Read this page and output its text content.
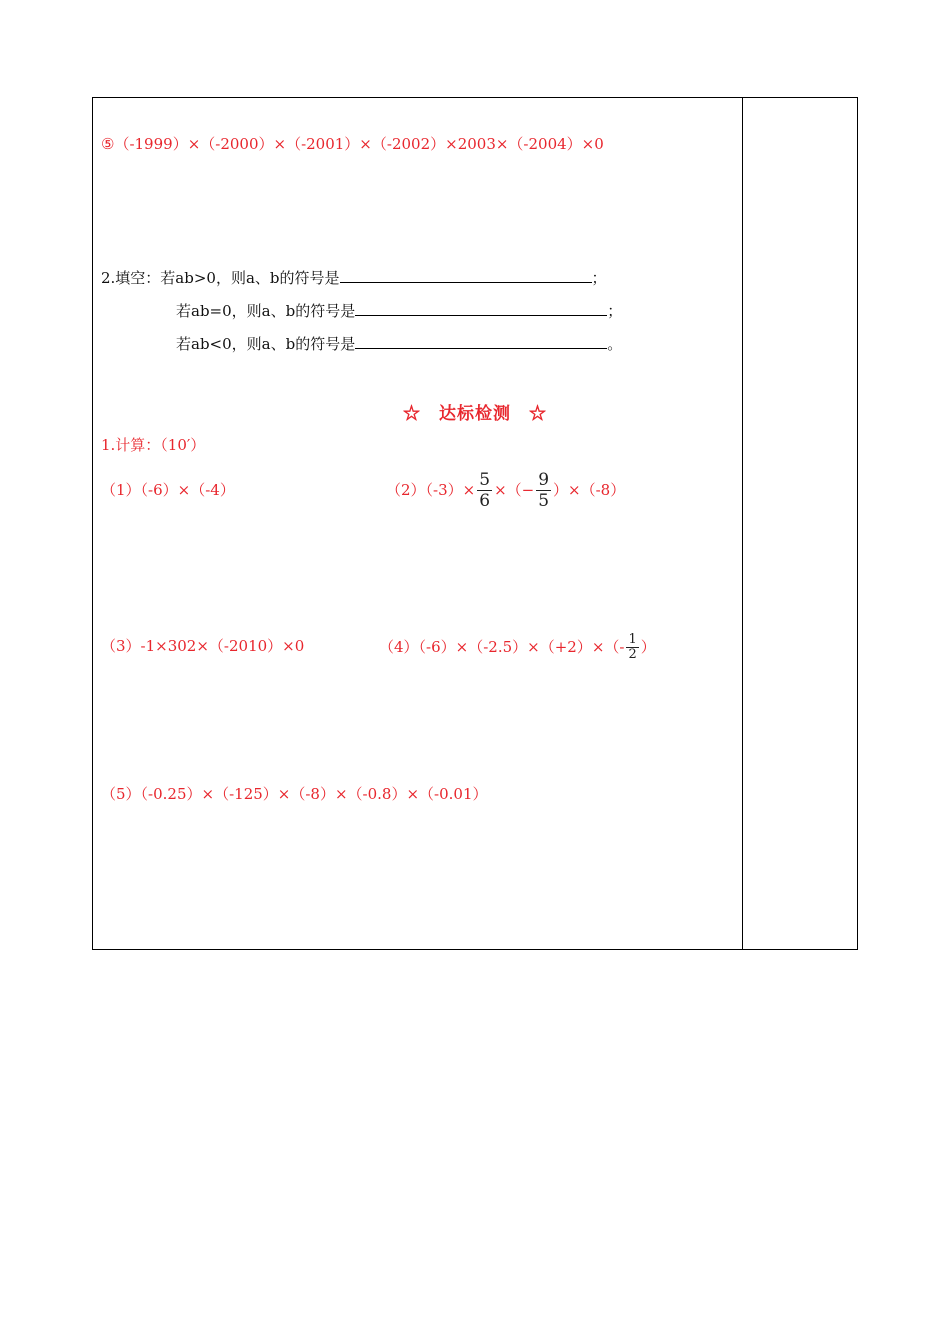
⑤（-1999）×（-2000）×（-2001）×（-2002）×2003×（-2004）×0
2.填空：若ab>0，则a、b的符号是	；
若ab=0，则a、b的符号是	；
若ab<0，则a、b的符号是	。
☆　达标检测　☆
1.计算：（10′）
（1）（-6）×（-4）	$(2)(-3)\times \frac{5}{6}$ ×（− $\frac{9}{5} )\times(-8)$
（3）-1×302×（-2010）×0	$(4)(-6)\times(-2.5)\times(+2)\times(- \frac{1}{2}$ ）
（5）（-0.25）×（-125）×（-8）×（-0.8）×（-0.01）
